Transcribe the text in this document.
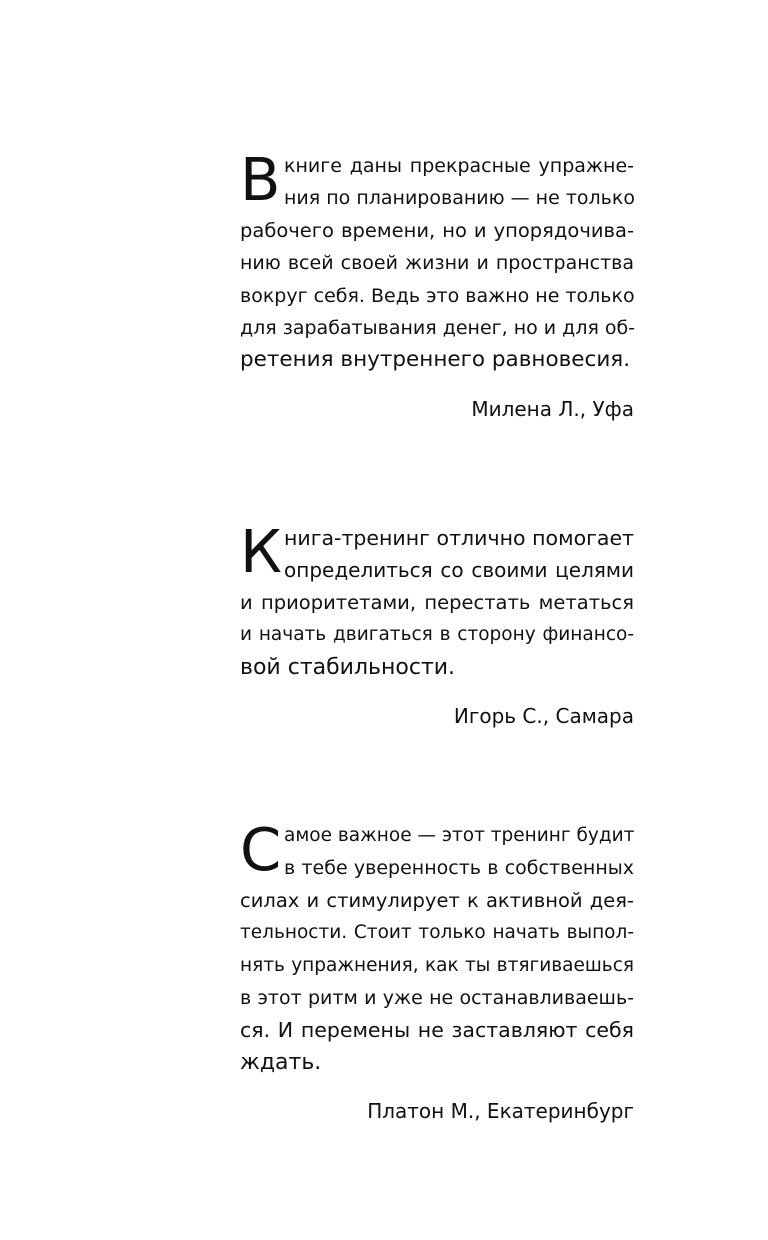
В книге даны прекрасные упражне-
ния по планированию — не только
рабочего времени, но и упорядочива-
нию всей своей жизни и пространства
вокруг себя. Ведь это важно не только
для зарабатывания денег, но и для об-
ретения внутреннего равновесия.
Милена Л., Уфа
К нига-тренинг отлично помогает
определиться со своими целями
и приоритетами, перестать метаться
и начать двигаться в сторону финансо-
вой стабильности.
Игорь С., Самара
С амое важное — этот тренинг будит
в тебе уверенность в собственных
силах и стимулирует к активной дея-
тельности. Стоит только начать выпол-
нять упражнения, как ты втягиваешься
в этот ритм и уже не останавливаешь-
ся. И перемены не заставляют себя
ждать.
Платон М., Екатеринбург
